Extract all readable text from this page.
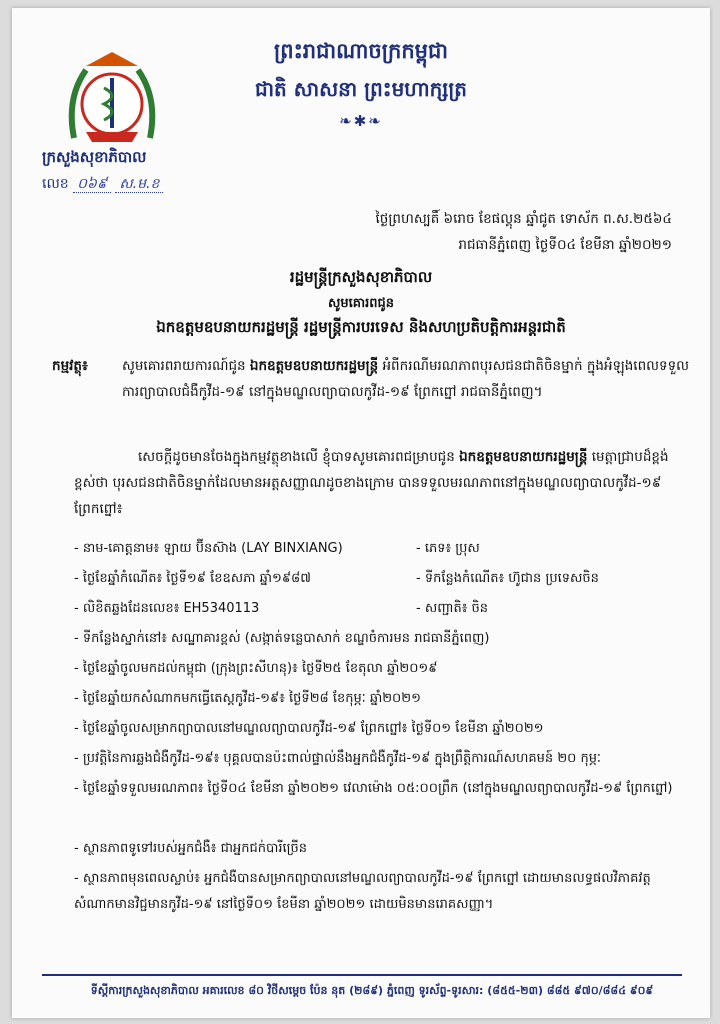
ព្រះរាជាណាចក្រកម្ពុជា
ជាតិ សាសនា ព្រះមហាក្សត្រ
❧✱❧
ក្រសួងសុខាភិបាល
លេខ ០៦៩ ស.ម.ខ
ថ្ងៃព្រហស្បតិ៍ ៦រោច ខែផល្គុន ឆ្នាំជូត ទោស័ក ព.ស.២៥៦៤
រាជធានីភ្នំពេញ ថ្ងៃទី០៤ ខែមីនា ឆ្នាំ២០២១
រដ្ឋមន្ត្រីក្រសួងសុខាភិបាល
សូមគោរពជូន
ឯកឧត្តមឧបនាយករដ្ឋមន្ត្រី រដ្ឋមន្ត្រីការបរទេស និងសហប្រតិបត្តិការអន្តរជាតិ
កម្មវត្ថុ៖	សូមគោរពរាយការណ៍ជូន ឯកឧត្តមឧបនាយករដ្ឋមន្ត្រី អំពីករណីមរណភាពបុរសជនជាតិចិនម្នាក់ ក្នុងអំឡុងពេលទទួលការព្យាបាលជំងឺកូវីដ-១៩ នៅក្នុងមណ្ឌលព្យាបាលកូវីដ-១៩ ព្រែកព្នៅ រាជធានីភ្នំពេញ។
សេចក្តីដូចមានចែងក្នុងកម្មវត្ថុខាងលើ ខ្ញុំបាទសូមគោរពជម្រាបជូន ឯកឧត្តមឧបនាយករដ្ឋមន្ត្រី មេត្តាជ្រាបដ៏ខ្ពង់ខ្ពស់ថា បុរសជនជាតិចិនម្នាក់ដែលមានអត្តសញ្ញាណដូចខាងក្រោម បានទទួលមរណភាពនៅក្នុងមណ្ឌលព្យាបាលកូវីដ-១៩ ព្រែកព្នៅ៖
- នាម-គោត្តនាម៖ ឡាយ ប៊ីនស៊ាង (LAY BINXIANG)	- ភេទ៖ ប្រុស
- ថ្ងៃខែឆ្នាំកំណើត៖ ថ្ងៃទី១៩ ខែឧសភា ឆ្នាំ១៩៨៧	- ទីកន្លែងកំណើត៖ ហ៊ូជាន ប្រទេសចិន
- លិខិតឆ្លងដែនលេខ៖ EH5340113	- សញ្ជាតិ៖ ចិន
- ទីកន្លែងស្នាក់នៅ៖ សណ្ឋាគារខ្ពស់ (សង្កាត់ទន្លេបាសាក់ ខណ្ឌចំការមន រាជធានីភ្នំពេញ)
- ថ្ងៃខែឆ្នាំចូលមកដល់កម្ពុជា (ក្រុងព្រះសីហនុ)៖ ថ្ងៃទី២៥ ខែតុលា ឆ្នាំ២០១៩
- ថ្ងៃខែឆ្នាំយកសំណាកមកធ្វើតេស្តកូវីដ-១៩៖ ថ្ងៃទី២៨ ខែកុម្ភៈ ឆ្នាំ២០២១
- ថ្ងៃខែឆ្នាំចូលសម្រាកព្យាបាលនៅមណ្ឌលព្យាបាលកូវីដ-១៩ ព្រែកព្នៅ៖ ថ្ងៃទី០១ ខែមីនា ឆ្នាំ២០២១
- ប្រវត្តិនៃការឆ្លងជំងឺកូវីដ-១៩៖ បុគ្គលបានប៉ះពាល់ផ្ទាល់នឹងអ្នកជំងឺកូវីដ-១៩ ក្នុងព្រឹត្តិការណ៍សហគមន៍ ២០ កុម្ភៈ
- ថ្ងៃខែឆ្នាំទទួលមរណភាព៖ ថ្ងៃទី០៤ ខែមីនា ឆ្នាំ២០២១ វេលាម៉ោង ០៥:០០ព្រឹក (នៅក្នុងមណ្ឌលព្យាបាលកូវីដ-១៩ ព្រែកព្នៅ)
- ស្ថានភាពទូទៅរបស់អ្នកជំងឺ៖ ជាអ្នកជក់បារីច្រើន
- ស្ថានភាពមុនពេលស្លាប់៖ អ្នកជំងឺបានសម្រាកព្យាបាលនៅមណ្ឌលព្យាបាលកូវីដ-១៩ ព្រែកព្នៅ ដោយមានលទ្ធផលវិភាគវត្តសំណាកមានវិជ្ជមានកូវីដ-១៩ នៅថ្ងៃទី០១ ខែមីនា ឆ្នាំ២០២១ ដោយមិនមានរោគសញ្ញា។
ទីស្តីការក្រសួងសុខាភិបាល អគារលេខ ៨០ វិថីសម្តេច ប៉ែន នុត (២៨៩) ភ្នំពេញ ទូរស័ព្ទ-ទូរសារ: (៨៥៥-២៣) ៨៨៥ ៩៧០/៨៨៤ ៩០៩
